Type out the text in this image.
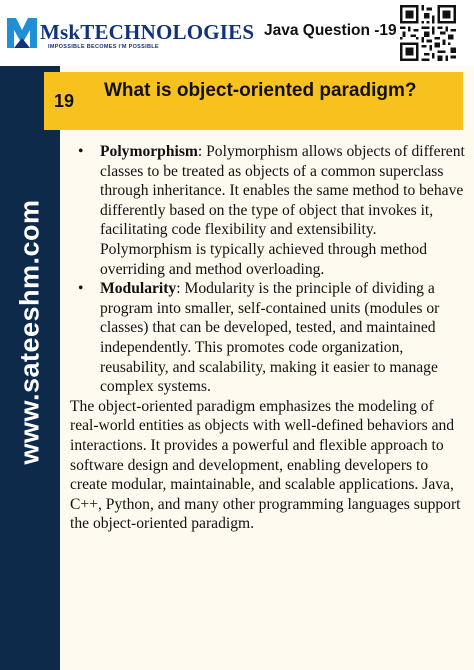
www.sateeshm.com
MskTECHNOLOGIES
IMPOSSIBLE BECOMES I'M POSSIBLE
Java Question -19
19 What is object-oriented paradigm?
• Polymorphism: Polymorphism allows objects of different classes to be treated as objects of a common superclass through inheritance. It enables the same method to behave differently based on the type of object that invokes it, facilitating code flexibility and extensibility. Polymorphism is typically achieved through method overriding and method overloading.
• Modularity: Modularity is the principle of dividing a program into smaller, self-contained units (modules or classes) that can be developed, tested, and maintained independently. This promotes code organization, reusability, and scalability, making it easier to manage complex systems.

The object-oriented paradigm emphasizes the modeling of real-world entities as objects with well-defined behaviors and interactions. It provides a powerful and flexible approach to software design and development, enabling developers to create modular, maintainable, and scalable applications. Java, C++, Python, and many other programming languages support the object-oriented paradigm.
